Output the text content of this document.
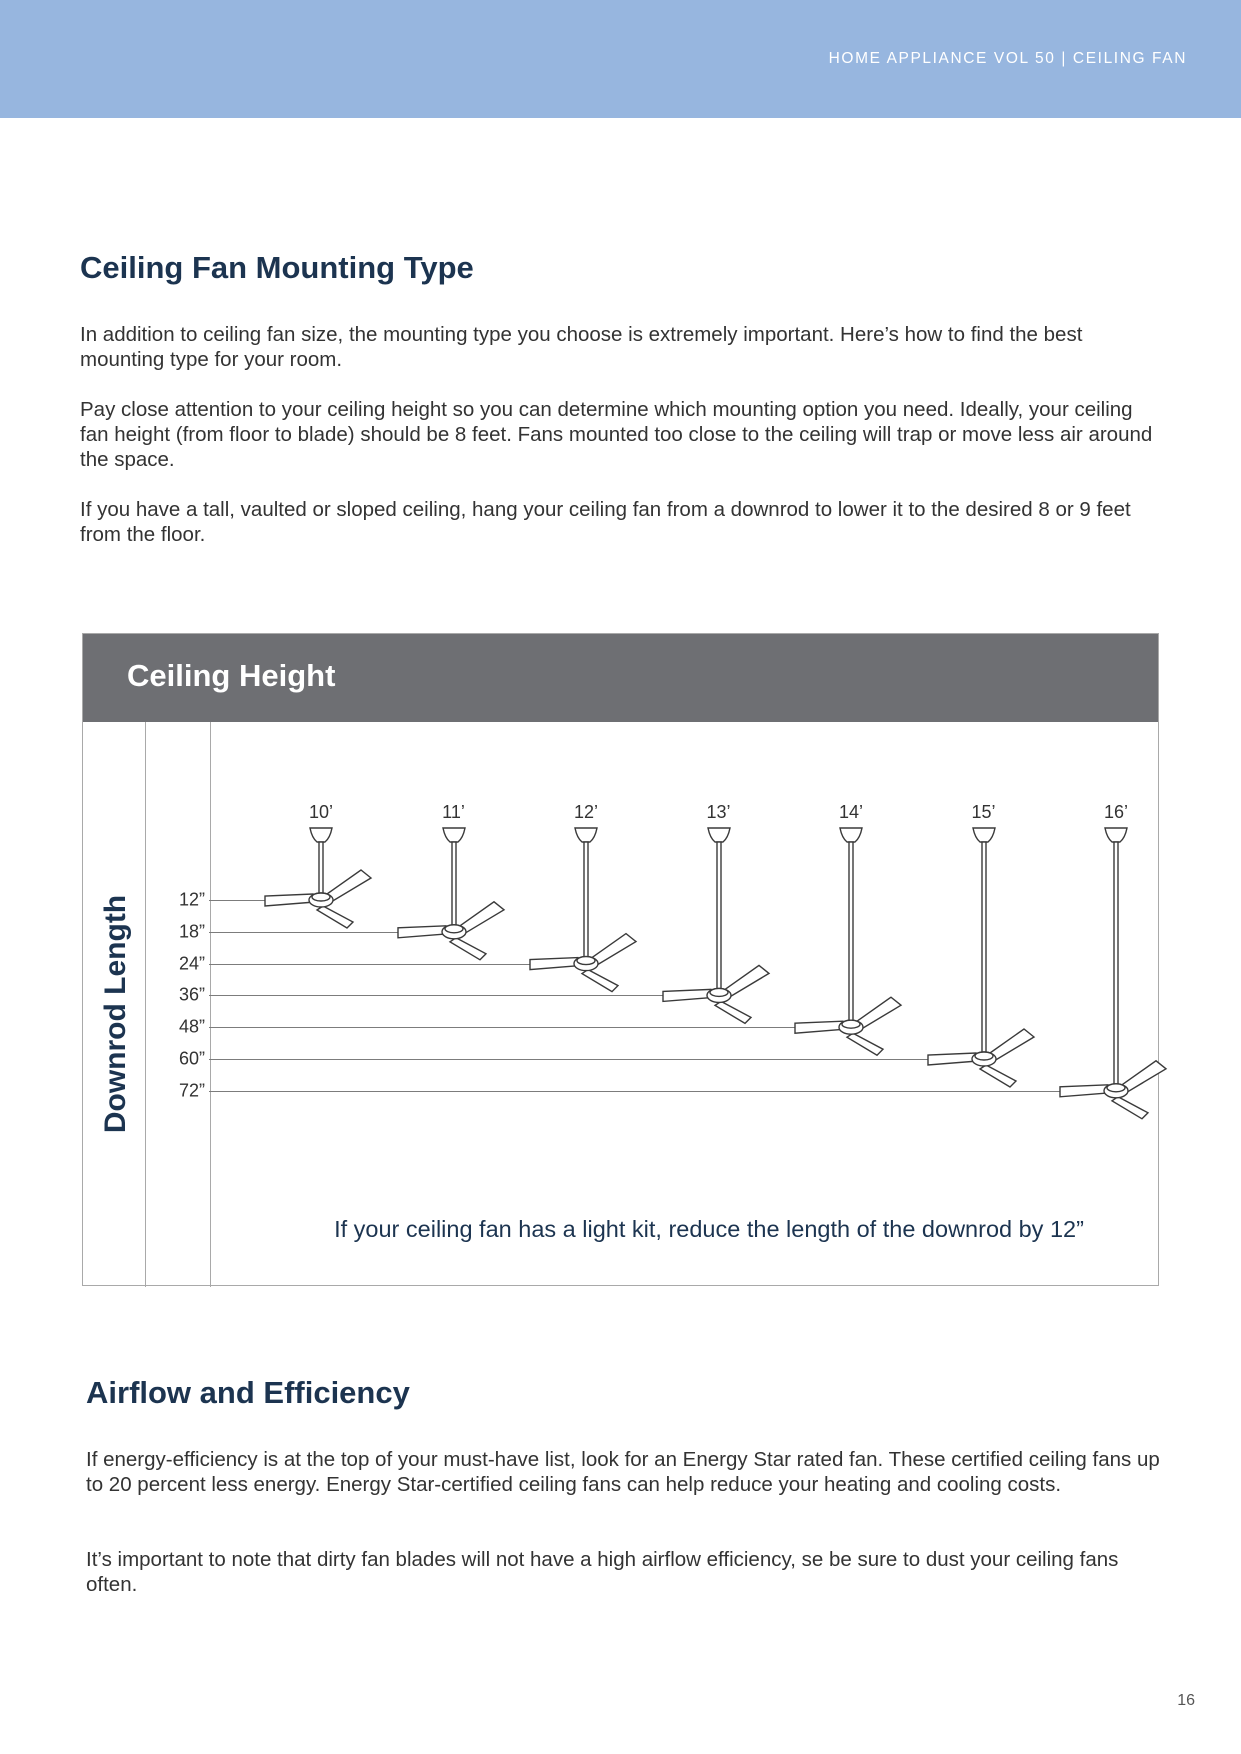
HOME APPLIANCE VOL 50 | CEILING FAN
Ceiling Fan Mounting Type

In addition to ceiling fan size, the mounting type you choose is extremely important. Here’s how to find the best mounting type for your room.

Pay close attention to your ceiling height so you can determine which mounting option you need. Ideally, your ceiling fan height (from floor to blade) should be 8 feet. Fans mounted too close to the ceiling will trap or move less air around the space.

If you have a tall, vaulted or sloped ceiling, hang your ceiling fan from a downrod to lower it to the desired 8 or 9 feet from the floor.

Ceiling Height
Downrod Length
10’	11’	12’	13’	14’	15’	16’
12”
18”
24”
36”
48”
60”
72”
If your ceiling fan has a light kit, reduce the length of the downrod by 12”
Airflow and Efficiency

If energy-efficiency is at the top of your must-have list, look for an Energy Star rated fan. These certified ceiling fans up to 20 percent less energy. Energy Star-certified ceiling fans can help reduce your heating and cooling costs.

It’s important to note that dirty fan blades will not have a high airflow efficiency, se be sure to dust your ceiling fans often.

16
